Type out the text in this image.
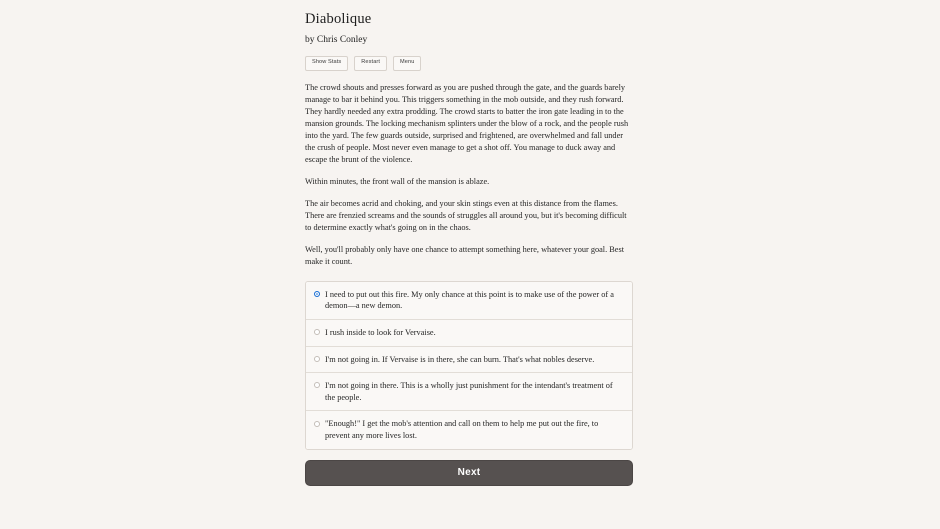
Diabolique
by Chris Conley
Show Stats	Restart	Menu

The crowd shouts and presses forward as you are pushed through the gate, and the guards barely manage to bar it behind you. This triggers something in the mob outside, and they rush forward. They hardly needed any extra prodding. The crowd starts to batter the iron gate leading in to the mansion grounds. The locking mechanism splinters under the blow of a rock, and the people rush into the yard. The few guards outside, surprised and frightened, are overwhelmed and fall under the crush of people. Most never even manage to get a shot off. You manage to duck away and escape the brunt of the violence.

Within minutes, the front wall of the mansion is ablaze.

The air becomes acrid and choking, and your skin stings even at this distance from the flames. There are frenzied screams and the sounds of struggles all around you, but it's becoming difficult to determine exactly what's going on in the chaos.

Well, you'll probably only have one chance to attempt something here, whatever your goal. Best make it count.

I need to put out this fire. My only chance at this point is to make use of the power of a demon—a new demon.
I rush inside to look for Vervaise.
I'm not going in. If Vervaise is in there, she can burn. That's what nobles deserve.
I'm not going in there. This is a wholly just punishment for the intendant's treatment of the people.
"Enough!" I get the mob's attention and call on them to help me put out the fire, to prevent any more lives lost.
Next
